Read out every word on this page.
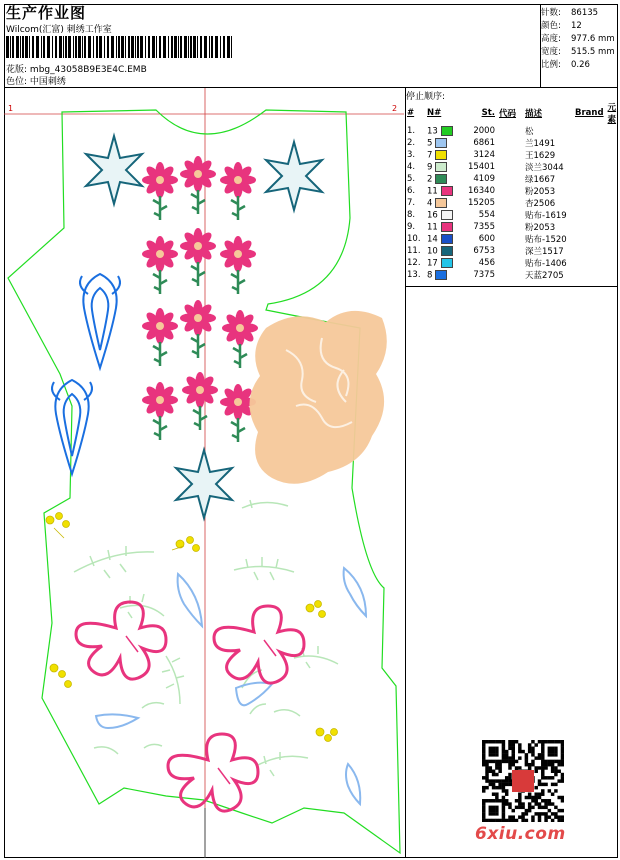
生产作业图
Wilcom(汇富) 刺绣工作室
花版: mbg_43058B9E3E4C.EMB
色位: 中国刺绣
针数: 86135
颜色: 12
高度: 977.6 mm
宽度: 515.5 mm
比例: 0.26
停止顺序:
#	N#	St.	代码	描述	Brand	元素
1.	13	2000		松		
2.	5	6861		兰1491		
3.	7	3124		王1629		
4.	9	15401		淡兰3044		
5.	2	4109		绿1667		
6.	11	16340		粉2053		
7.	4	15205		杏2506		
8.	16	554		贴布-1619		
9.	11	7355		粉2053		
10.	14	600		贴布-1520		
11.	10	6753		深兰1517		
12.	17	456		贴布-1406		
13.	8	7375		天蓝2705		
1	2
6xiu.com
